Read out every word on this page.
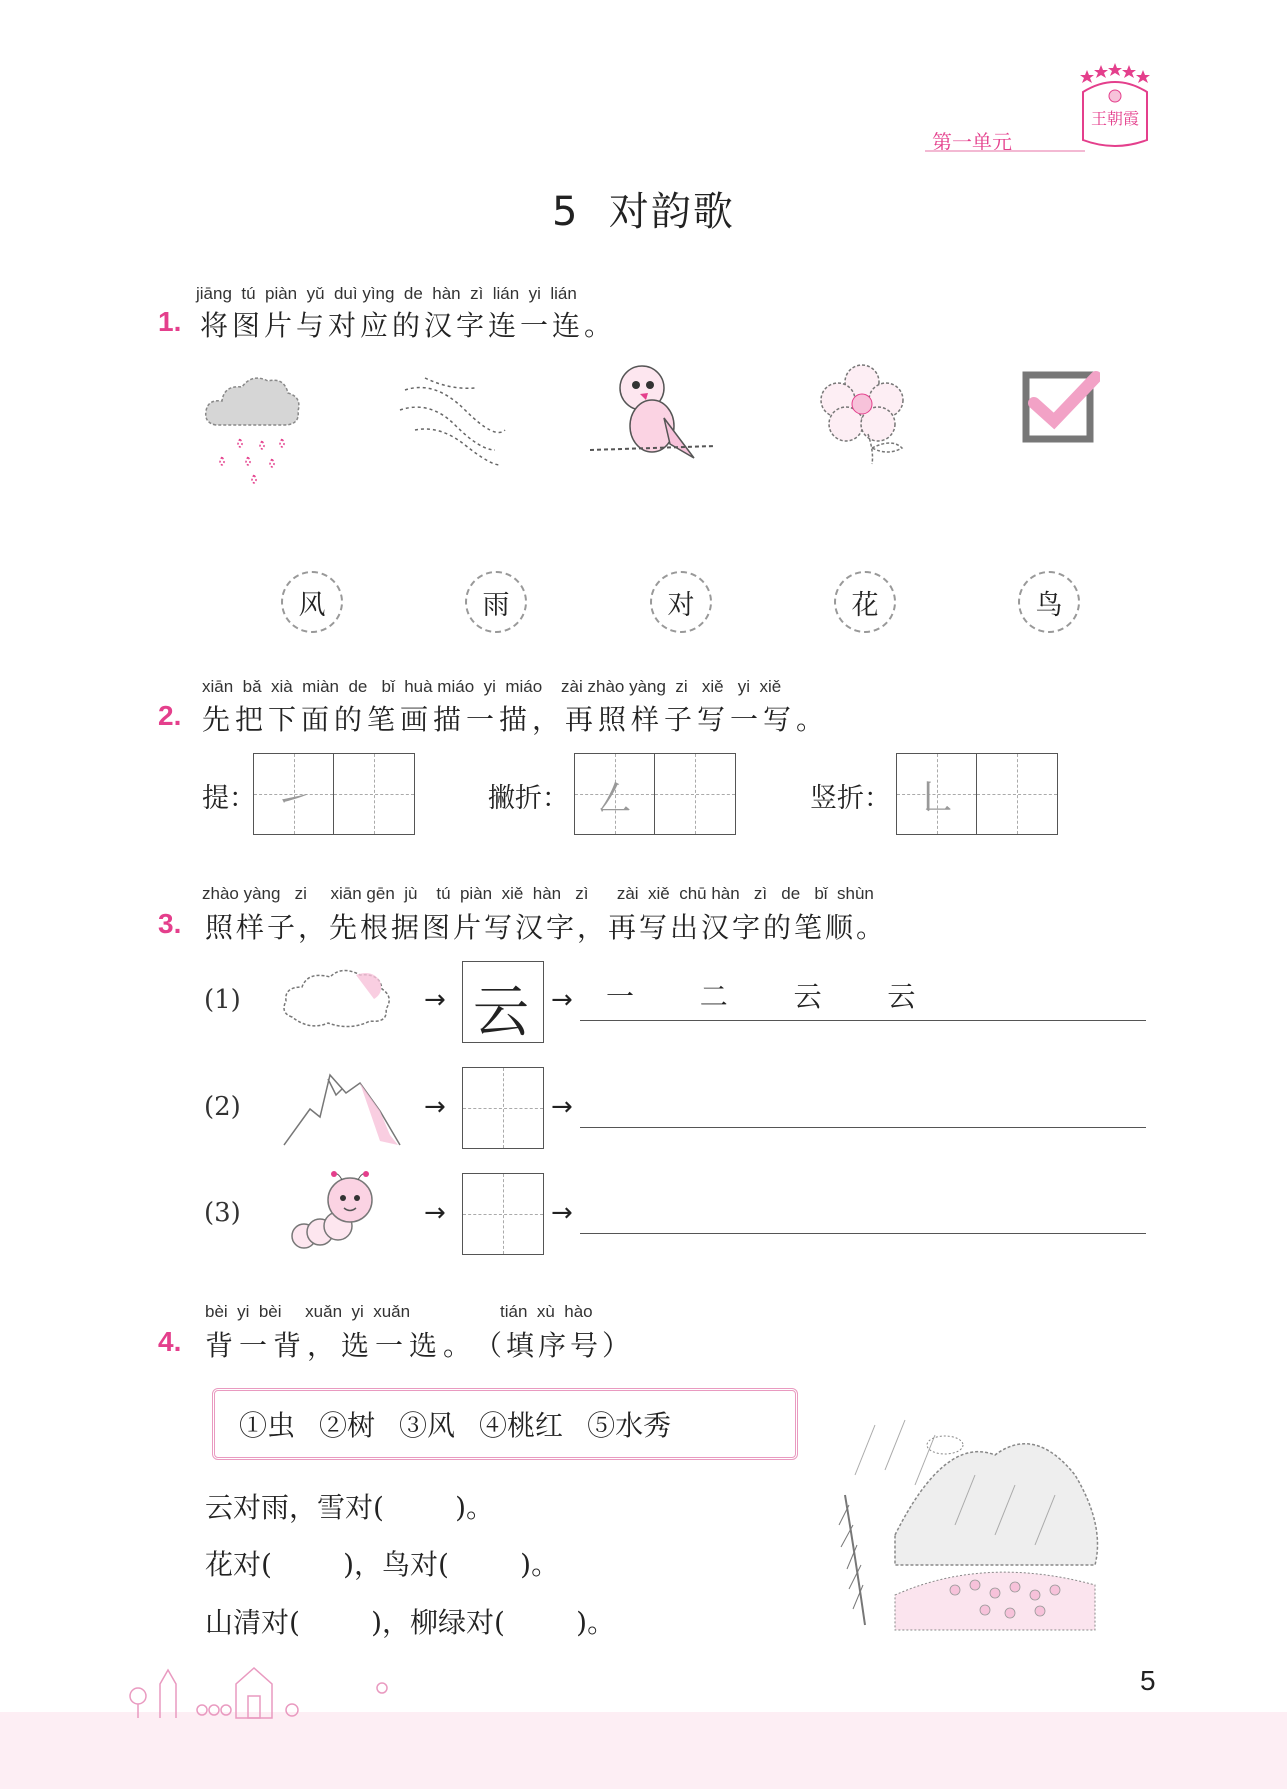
第一单元
王朝霞
5  对韵歌
jiāng  tú  piàn  yǔ  duì yìng  de  hàn  zì  lián  yi  lián
1. 将图片与对应的汉字连一连。
风	雨	对	花	鸟
xiān  bǎ  xià  miàn  de   bǐ  huà miáo  yi  miáo    zài zhào yàng  zi   xiě   yi  xiě
2. 先把下面的笔画描一描，再照样子写一写。
提： ㇀	撇折： ㇜	竖折： ㇗
zhào yàng   zi     xiān gēn  jù    tú  piàn  xiě  hàn   zì      zài  xiě  chū hàn   zì   de   bǐ  shùn
3. 照样子，先根据图片写汉字，再写出汉字的笔顺。
(1)	→ 云 → 一  二  云  云
(2)	→	→
(3)	→	→
bèi  yi  bèi     xuǎn  yi  xuǎn	tián  xù  hào
4. 背一背，选一选。
（填序号）
①虫 ②树 ③风 ④桃红 ⑤水秀
云对雨，雪对(        )。
花对(        )，鸟对(        )。
山清对(        )，柳绿对(        )。
5
